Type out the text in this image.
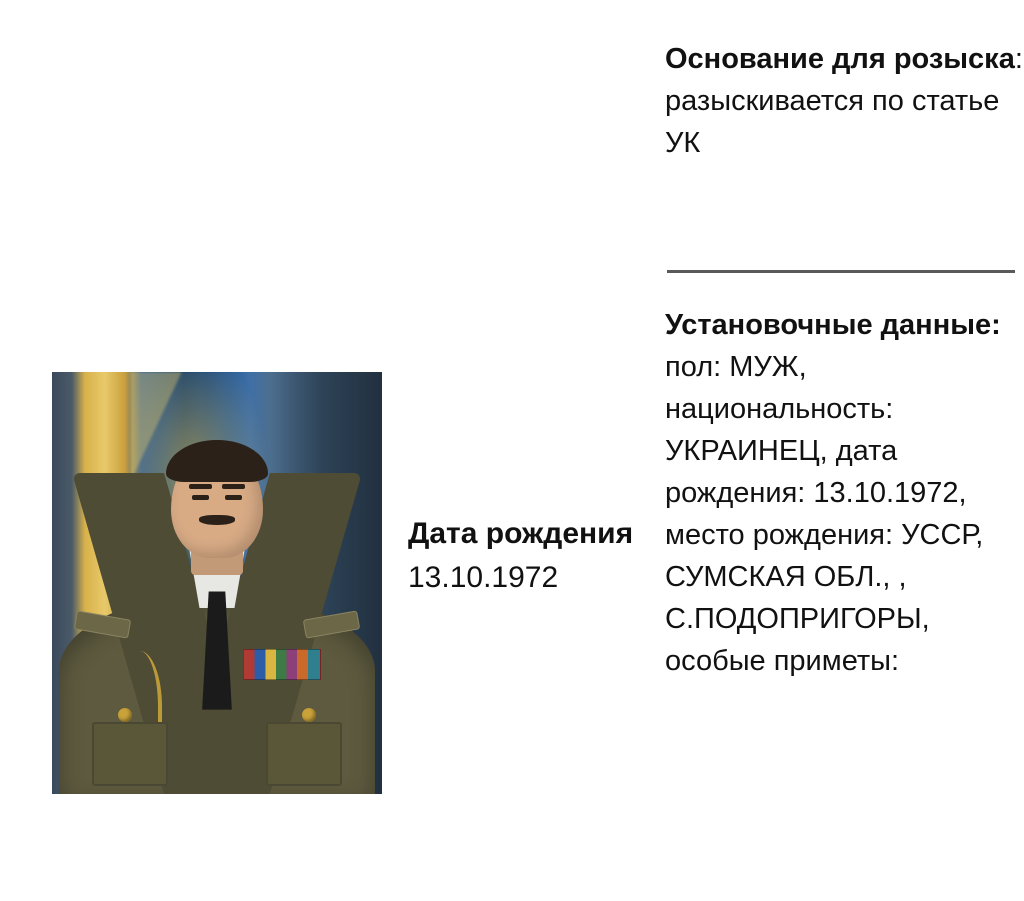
Дата рождения
13.10.1972
Основание для розыска: разыскивается по статье УК
Установочные данные: пол: МУЖ, национальность: УКРАИНЕЦ, дата рождения: 13.10.1972, место рождения: УССР, СУМСКАЯ ОБЛ., , С.ПОДОПРИГОРЫ, особые приметы:
